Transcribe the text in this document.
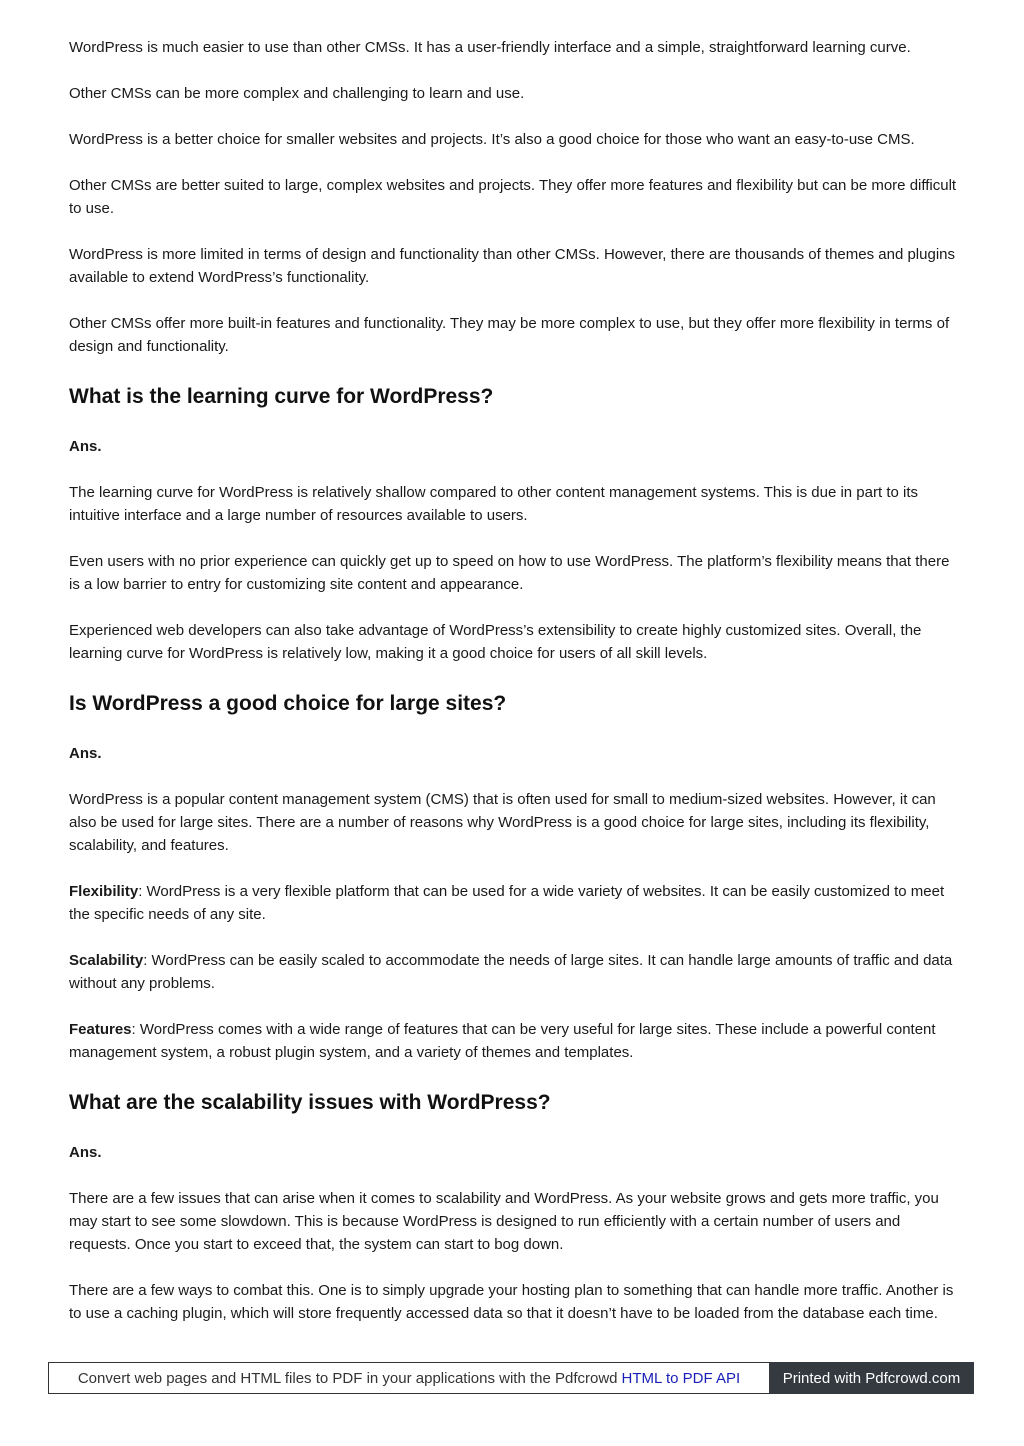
WordPress is much easier to use than other CMSs. It has a user-friendly interface and a simple, straightforward learning curve.

Other CMSs can be more complex and challenging to learn and use.

WordPress is a better choice for smaller websites and projects. It’s also a good choice for those who want an easy-to-use CMS.

Other CMSs are better suited to large, complex websites and projects. They offer more features and flexibility but can be more difficult to use.

WordPress is more limited in terms of design and functionality than other CMSs. However, there are thousands of themes and plugins available to extend WordPress’s functionality.

Other CMSs offer more built-in features and functionality. They may be more complex to use, but they offer more flexibility in terms of design and functionality.

What is the learning curve for WordPress?

Ans.

The learning curve for WordPress is relatively shallow compared to other content management systems. This is due in part to its intuitive interface and a large number of resources available to users.

Even users with no prior experience can quickly get up to speed on how to use WordPress. The platform’s flexibility means that there is a low barrier to entry for customizing site content and appearance.

Experienced web developers can also take advantage of WordPress’s extensibility to create highly customized sites. Overall, the learning curve for WordPress is relatively low, making it a good choice for users of all skill levels.

Is WordPress a good choice for large sites?

Ans.

WordPress is a popular content management system (CMS) that is often used for small to medium-sized websites. However, it can also be used for large sites. There are a number of reasons why WordPress is a good choice for large sites, including its flexibility, scalability, and features.

Flexibility: WordPress is a very flexible platform that can be used for a wide variety of websites. It can be easily customized to meet the specific needs of any site.

Scalability: WordPress can be easily scaled to accommodate the needs of large sites. It can handle large amounts of traffic and data without any problems.

Features: WordPress comes with a wide range of features that can be very useful for large sites. These include a powerful content management system, a robust plugin system, and a variety of themes and templates.

What are the scalability issues with WordPress?

Ans.

There are a few issues that can arise when it comes to scalability and WordPress. As your website grows and gets more traffic, you may start to see some slowdown. This is because WordPress is designed to run efficiently with a certain number of users and requests. Once you start to exceed that, the system can start to bog down.

There are a few ways to combat this. One is to simply upgrade your hosting plan to something that can handle more traffic. Another is to use a caching plugin, which will store frequently accessed data so that it doesn’t have to be loaded from the database each time.

Convert web pages and HTML files to PDF in your applications with the Pdfcrowd HTML to PDF API	Printed with Pdfcrowd.com
